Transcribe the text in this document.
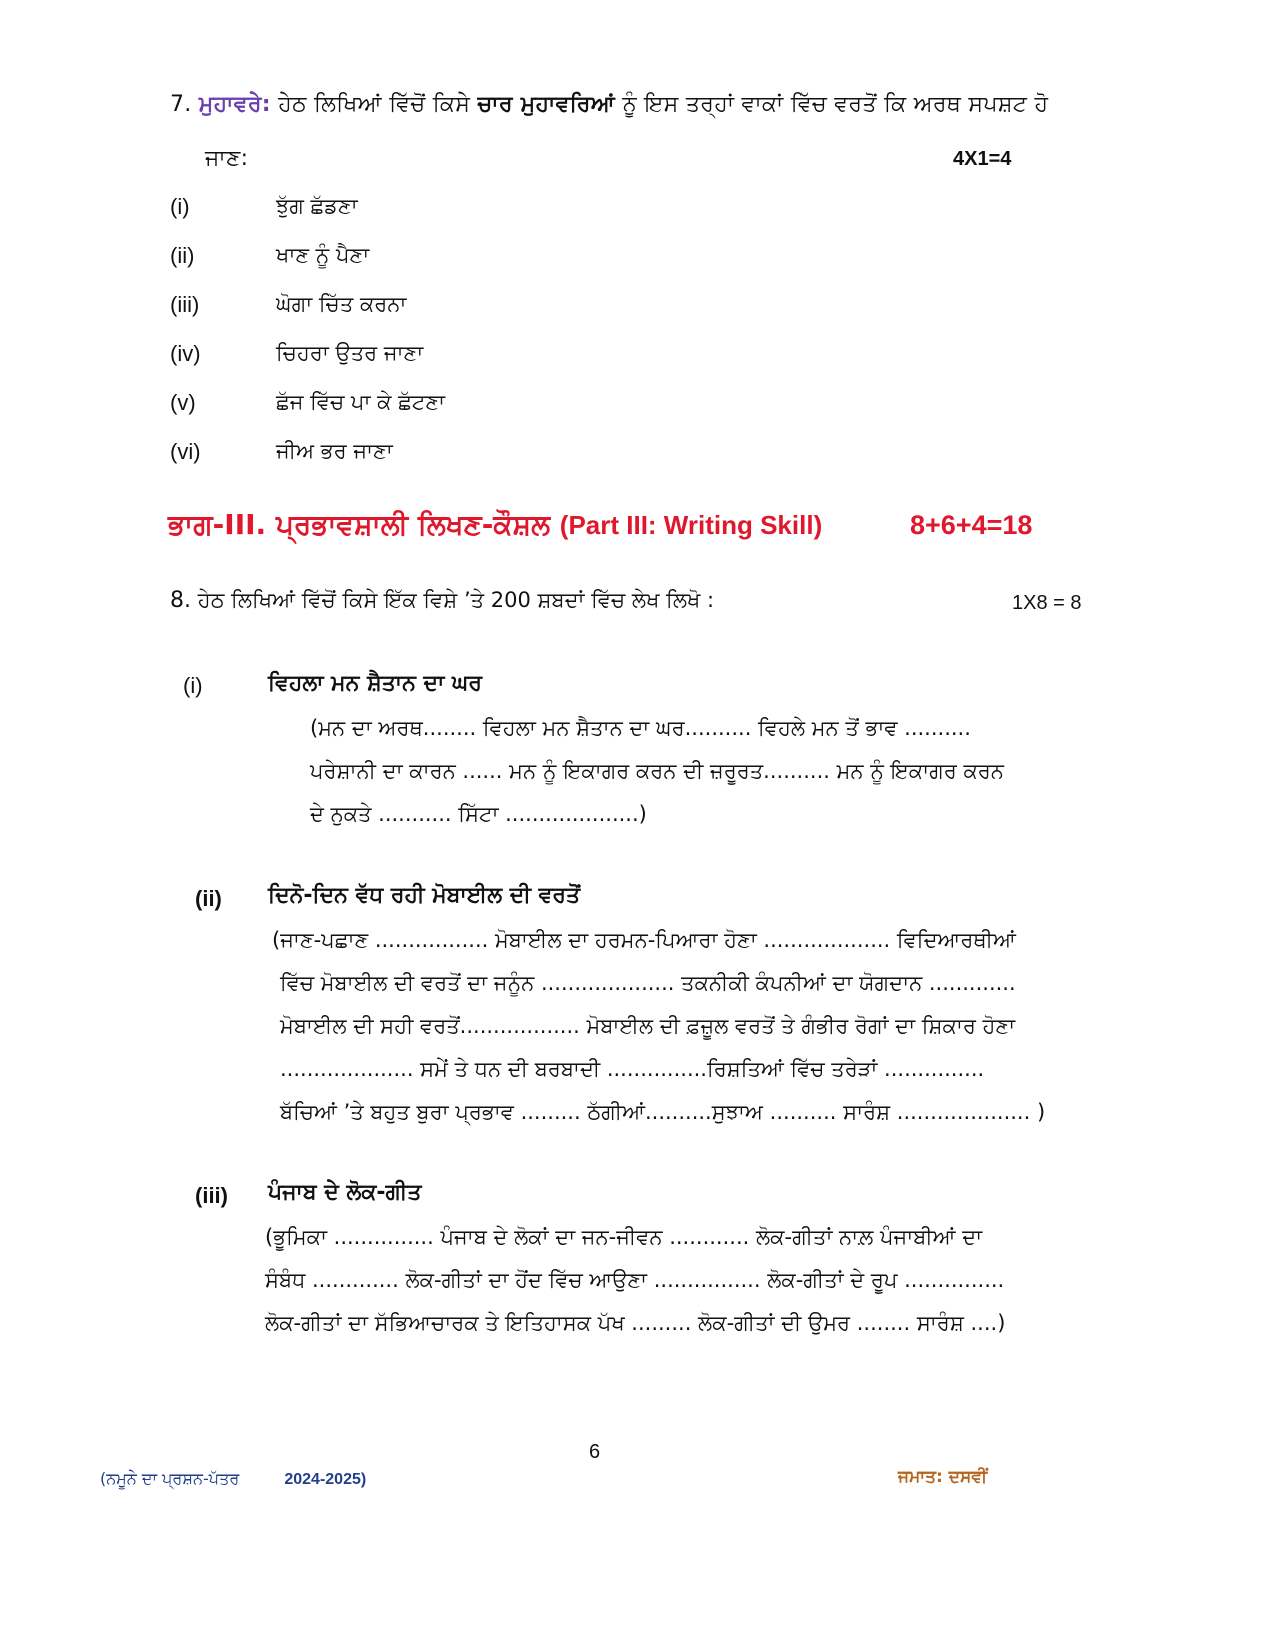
7. ਮੁਹਾਵਰੇ: ਹੇਠ ਲਿਖਿਆਂ ਵਿੱਚੋਂ ਕਿਸੇ ਚਾਰ ਮੁਹਾਵਰਿਆਂ ਨੂੰ ਇਸ ਤਰ੍ਹਾਂ ਵਾਕਾਂ ਵਿੱਚ ਵਰਤੋਂ ਕਿ ਅਰਥ ਸਪਸ਼ਟ ਹੋ
ਜਾਣ:	4X1=4
(i)	ਝੁੱਗ ਛੱਡਣਾ
(ii)	ਖਾਣ ਨੂੰ ਪੈਣਾ
(iii)	ਘੋਗਾ ਚਿੱਤ ਕਰਨਾ
(iv)	ਚਿਹਰਾ ਉਤਰ ਜਾਣਾ
(v)	ਛੱਜ ਵਿੱਚ ਪਾ ਕੇ ਛੱਟਣਾ
(vi)	ਜੀਅ ਭਰ ਜਾਣਾ
ਭਾਗ-III. ਪ੍ਰਭਾਵਸ਼ਾਲੀ ਲਿਖਣ-ਕੌਸ਼ਲ (Part III: Writing Skill)	8+6+4=18
8. ਹੇਠ ਲਿਖਿਆਂ ਵਿੱਚੋਂ ਕਿਸੇ ਇੱਕ ਵਿਸ਼ੇ ’ਤੇ 200 ਸ਼ਬਦਾਂ ਵਿੱਚ ਲੇਖ ਲਿਖੋ :	1X8 = 8
(i)	ਵਿਹਲਾ ਮਨ ਸ਼ੈਤਾਨ ਦਾ ਘਰ
(ਮਨ ਦਾ ਅਰਥ........ ਵਿਹਲਾ ਮਨ ਸ਼ੈਤਾਨ ਦਾ ਘਰ.......... ਵਿਹਲੇ ਮਨ ਤੋਂ ਭਾਵ ..........
ਪਰੇਸ਼ਾਨੀ ਦਾ ਕਾਰਨ ...... ਮਨ ਨੂੰ ਇਕਾਗਰ ਕਰਨ ਦੀ ਜ਼ਰੂਰਤ.......... ਮਨ ਨੂੰ ਇਕਾਗਰ ਕਰਨ
ਦੇ ਨੁਕਤੇ ........... ਸਿੱਟਾ ....................)
(ii) ਦਿਨੋ-ਦਿਨ ਵੱਧ ਰਹੀ ਮੋਬਾਈਲ ਦੀ ਵਰਤੋਂ
(ਜਾਣ-ਪਛਾਣ ................. ਮੋਬਾਈਲ ਦਾ ਹਰਮਨ-ਪਿਆਰਾ ਹੋਣਾ ................... ਵਿਦਿਆਰਥੀਆਂ
ਵਿੱਚ ਮੋਬਾਈਲ ਦੀ ਵਰਤੋਂ ਦਾ ਜਨੂੰਨ .................... ਤਕਨੀਕੀ ਕੰਪਨੀਆਂ ਦਾ ਯੋਗਦਾਨ .............
ਮੋਬਾਈਲ ਦੀ ਸਹੀ ਵਰਤੋਂ.................. ਮੋਬਾਈਲ ਦੀ ਫ਼ਜ਼ੂਲ ਵਰਤੋਂ ਤੇ ਗੰਭੀਰ ਰੋਗਾਂ ਦਾ ਸ਼ਿਕਾਰ ਹੋਣਾ
.................... ਸਮੇਂ ਤੇ ਧਨ ਦੀ ਬਰਬਾਦੀ ...............ਰਿਸ਼ਤਿਆਂ ਵਿੱਚ ਤਰੇੜਾਂ ...............
ਬੱਚਿਆਂ ’ਤੇ ਬਹੁਤ ਬੁਰਾ ਪ੍ਰਭਾਵ ......... ਠੱਗੀਆਂ..........ਸੁਝਾਅ .......... ਸਾਰੰਸ਼ .................... )
(iii) ਪੰਜਾਬ ਦੇ ਲੋਕ-ਗੀਤ
(ਭੂਮਿਕਾ ............... ਪੰਜਾਬ ਦੇ ਲੋਕਾਂ ਦਾ ਜਨ-ਜੀਵਨ ............ ਲੋਕ-ਗੀਤਾਂ ਨਾਲ਼ ਪੰਜਾਬੀਆਂ ਦਾ
ਸੰਬੰਧ ............. ਲੋਕ-ਗੀਤਾਂ ਦਾ ਹੋਂਦ ਵਿੱਚ ਆਉਣਾ ................ ਲੋਕ-ਗੀਤਾਂ ਦੇ ਰੂਪ ...............
ਲੋਕ-ਗੀਤਾਂ ਦਾ ਸੱਭਿਆਚਾਰਕ ਤੇ ਇਤਿਹਾਸਕ ਪੱਖ ......... ਲੋਕ-ਗੀਤਾਂ ਦੀ ਉਮਰ ........ ਸਾਰੰਸ਼ ....)
6
(ਨਮੂਨੇ ਦਾ ਪ੍ਰਸ਼ਨ-ਪੱਤਰ	2024-2025)	ਜਮਾਤ: ਦਸਵੀਂ
